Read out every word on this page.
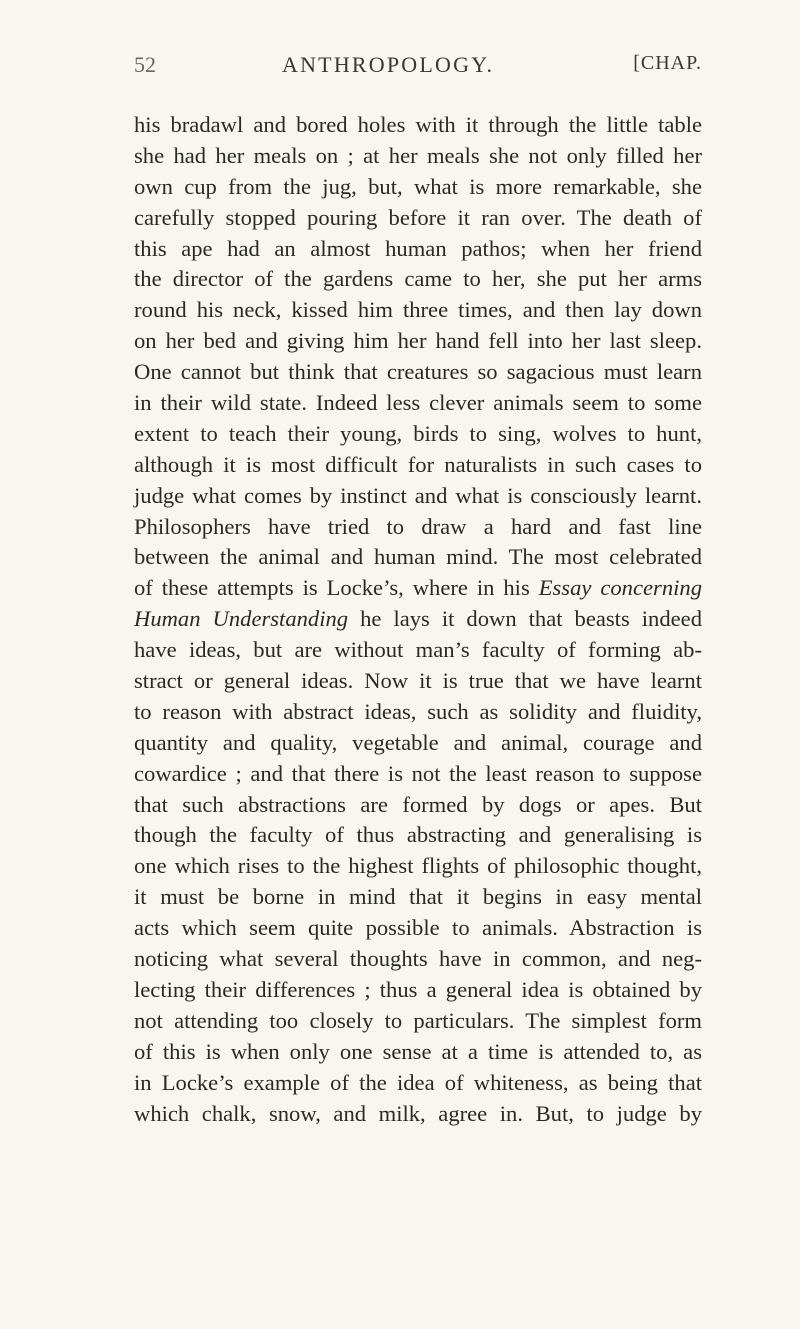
52	ANTHROPOLOGY.	[CHAP.
his bradawl and bored holes with it through the little table
she had her meals on ; at her meals she not only filled her
own cup from the jug, but, what is more remarkable, she
carefully stopped pouring before it ran over. The death of
this ape had an almost human pathos; when her friend
the director of the gardens came to her, she put her arms
round his neck, kissed him three times, and then lay down
on her bed and giving him her hand fell into her last sleep.
One cannot but think that creatures so sagacious must learn
in their wild state. Indeed less clever animals seem to some
extent to teach their young, birds to sing, wolves to hunt,
although it is most difficult for naturalists in such cases to
judge what comes by instinct and what is consciously learnt.
Philosophers have tried to draw a hard and fast line
between the animal and human mind. The most celebrated
of these attempts is Locke’s, where in his Essay concerning
Human Understanding he lays it down that beasts indeed
have ideas, but are without man’s faculty of forming ab-
stract or general ideas. Now it is true that we have learnt
to reason with abstract ideas, such as solidity and fluidity,
quantity and quality, vegetable and animal, courage and
cowardice ; and that there is not the least reason to suppose
that such abstractions are formed by dogs or apes. But
though the faculty of thus abstracting and generalising is
one which rises to the highest flights of philosophic thought,
it must be borne in mind that it begins in easy mental
acts which seem quite possible to animals. Abstraction is
noticing what several thoughts have in common, and neg-
lecting their differences ; thus a general idea is obtained by
not attending too closely to particulars. The simplest form
of this is when only one sense at a time is attended to, as
in Locke’s example of the idea of whiteness, as being that
which chalk, snow, and milk, agree in. But, to judge by
